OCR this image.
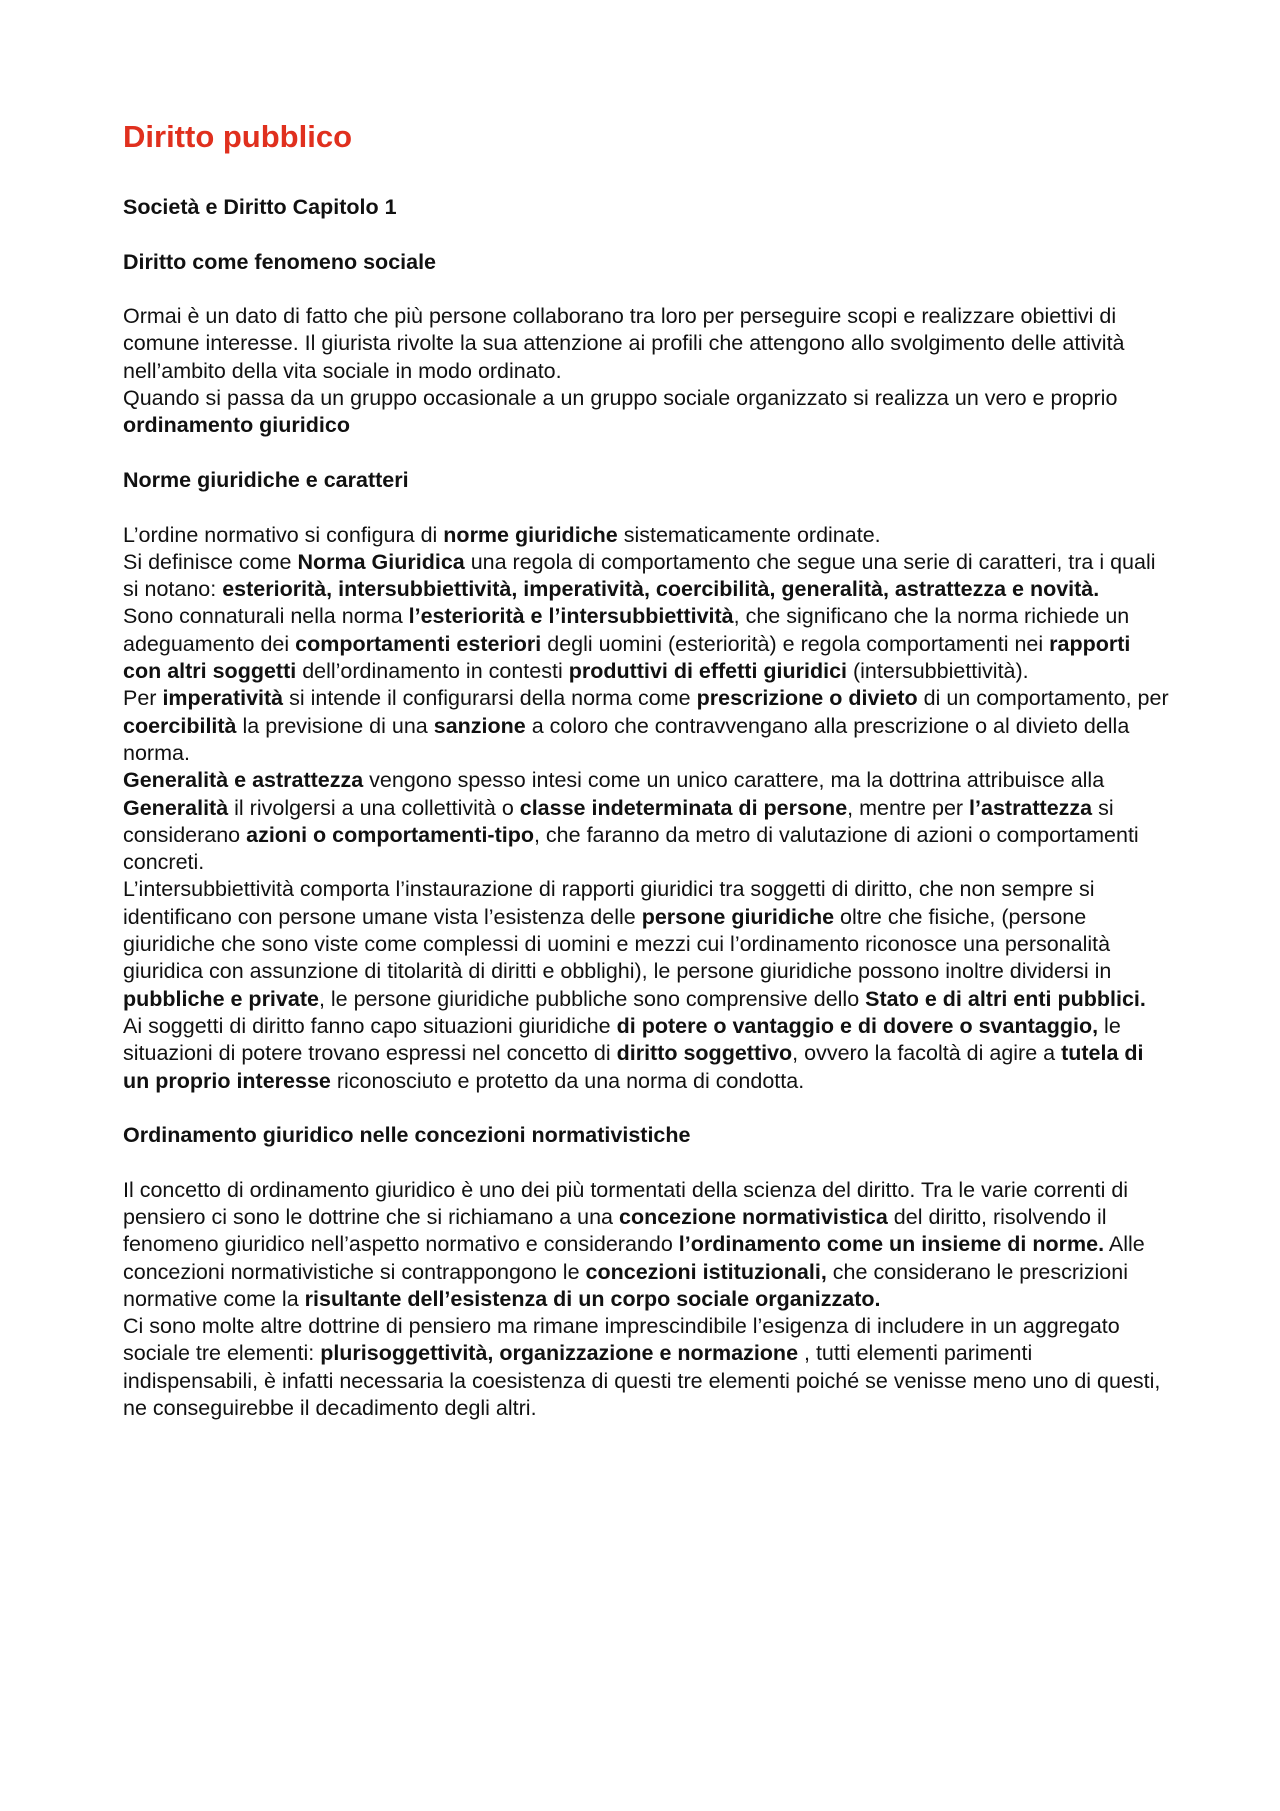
Diritto pubblico
Società e Diritto Capitolo 1
Diritto come fenomeno sociale
Ormai è un dato di fatto che più persone collaborano tra loro per perseguire scopi e realizzare obiettivi di comune interesse. Il giurista rivolte la sua attenzione ai profili che attengono allo svolgimento delle attività nell’ambito della vita sociale in modo ordinato.
Quando si passa da un gruppo occasionale a un gruppo sociale organizzato si realizza un vero e proprio ordinamento giuridico
Norme giuridiche e caratteri
L’ordine normativo si configura di norme giuridiche sistematicamente ordinate.
Si definisce come Norma Giuridica una regola di comportamento che segue una serie di caratteri, tra i quali si notano: esteriorità, intersubbiettività, imperatività, coercibilità, generalità, astrattezza e novità.
Sono connaturali nella norma l’esteriorità e l’intersubbiettività, che significano che la norma richiede un adeguamento dei comportamenti esteriori degli uomini (esteriorità) e regola comportamenti nei rapporti con altri soggetti dell’ordinamento in contesti produttivi di effetti giuridici (intersubbiettività).
Per imperatività si intende il configurarsi della norma come prescrizione o divieto di un comportamento, per coercibilità la previsione di una sanzione a coloro che contravvengano alla prescrizione o al divieto della norma.
Generalità e astrattezza vengono spesso intesi come un unico carattere, ma la dottrina attribuisce alla Generalità il rivolgersi a una collettività o classe indeterminata di persone, mentre per l’astrattezza si considerano azioni o comportamenti-tipo, che faranno da metro di valutazione di azioni o comportamenti concreti.
L’intersubbiettività comporta l’instaurazione di rapporti giuridici tra soggetti di diritto, che non sempre si identificano con persone umane vista l’esistenza delle persone giuridiche oltre che fisiche, (persone giuridiche che sono viste come complessi di uomini e mezzi cui l’ordinamento riconosce una personalità giuridica con assunzione di titolarità di diritti e obblighi), le persone giuridiche possono inoltre dividersi in pubbliche e private, le persone giuridiche pubbliche sono comprensive dello Stato e di altri enti pubblici.
Ai soggetti di diritto fanno capo situazioni giuridiche di potere o vantaggio e di dovere o svantaggio, le situazioni di potere trovano espressi nel concetto di diritto soggettivo, ovvero la facoltà di agire a tutela di un proprio interesse riconosciuto e protetto da una norma di condotta.
Ordinamento giuridico nelle concezioni normativistiche
Il concetto di ordinamento giuridico è uno dei più tormentati della scienza del diritto. Tra le varie correnti di pensiero ci sono le dottrine che si richiamano a una concezione normativistica del diritto, risolvendo il fenomeno giuridico nell’aspetto normativo e considerando l’ordinamento come un insieme di norme. Alle concezioni normativistiche si contrappongono le concezioni istituzionali, che considerano le prescrizioni normative come la risultante dell’esistenza di un corpo sociale organizzato.
Ci sono molte altre dottrine di pensiero ma rimane imprescindibile l’esigenza di includere in un aggregato sociale tre elementi: plurisoggettività, organizzazione e normazione , tutti elementi parimenti indispensabili, è infatti necessaria la coesistenza di questi tre elementi poiché se venisse meno uno di questi, ne conseguirebbe il decadimento degli altri.
